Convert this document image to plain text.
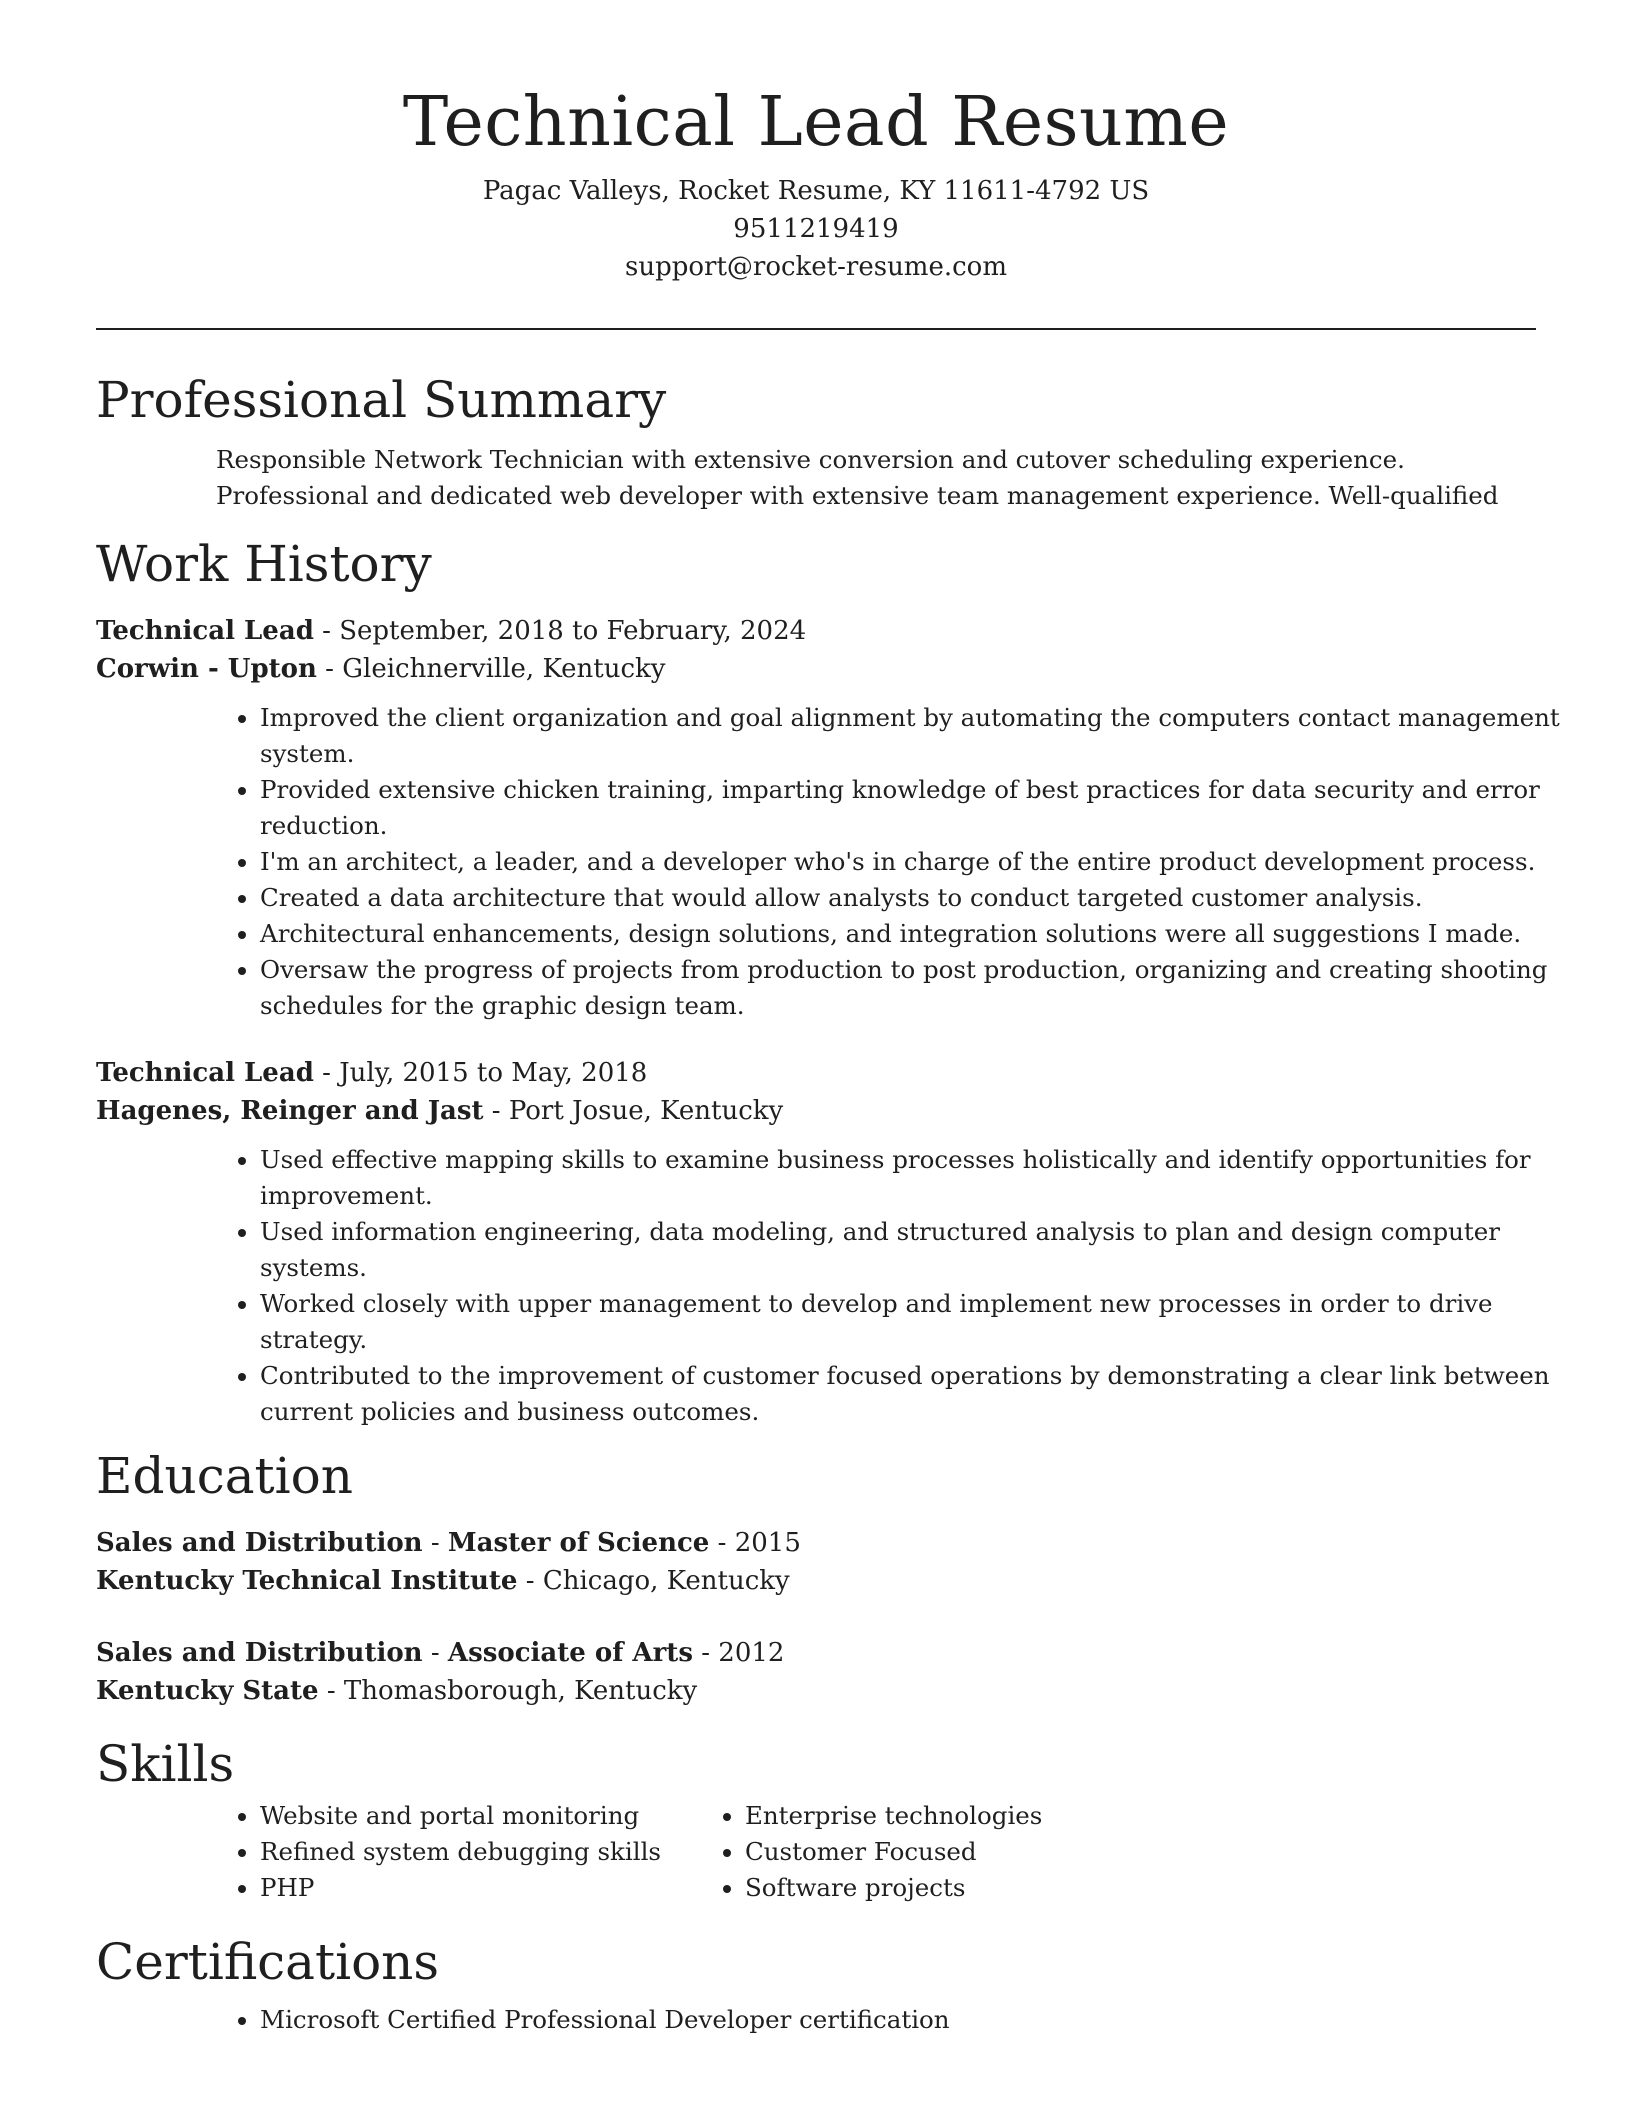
Technical Lead Resume

Pagac Valleys, Rocket Resume, KY 11611-4792 US

9511219419

support@rocket-resume.com

Professional Summary

Responsible Network Technician with extensive conversion and cutover scheduling experience. Professional and dedicated web developer with extensive team management experience. Well-qualified

Work History

Technical Lead - September, 2018 to February, 2024

Corwin - Upton - Gleichnerville, Kentucky

• Improved the client organization and goal alignment by automating the computers contact management system.
• Provided extensive chicken training, imparting knowledge of best practices for data security and error reduction.
• I'm an architect, a leader, and a developer who's in charge of the entire product development process.
• Created a data architecture that would allow analysts to conduct targeted customer analysis.
• Architectural enhancements, design solutions, and integration solutions were all suggestions I made.
• Oversaw the progress of projects from production to post production, organizing and creating shooting schedules for the graphic design team.

Technical Lead - July, 2015 to May, 2018

Hagenes, Reinger and Jast - Port Josue, Kentucky

• Used effective mapping skills to examine business processes holistically and identify opportunities for improvement.
• Used information engineering, data modeling, and structured analysis to plan and design computer systems.
• Worked closely with upper management to develop and implement new processes in order to drive strategy.
• Contributed to the improvement of customer focused operations by demonstrating a clear link between current policies and business outcomes.
Education

Sales and Distribution - Master of Science - 2015

Kentucky Technical Institute - Chicago, Kentucky

Sales and Distribution - Associate of Arts - 2012

Kentucky State - Thomasborough, Kentucky

Skills
• Website and portal monitoring
• Refined system debugging skills
• PHP
• Enterprise technologies
• Customer Focused
• Software projects
Certifications
• Microsoft Certified Professional Developer certification
